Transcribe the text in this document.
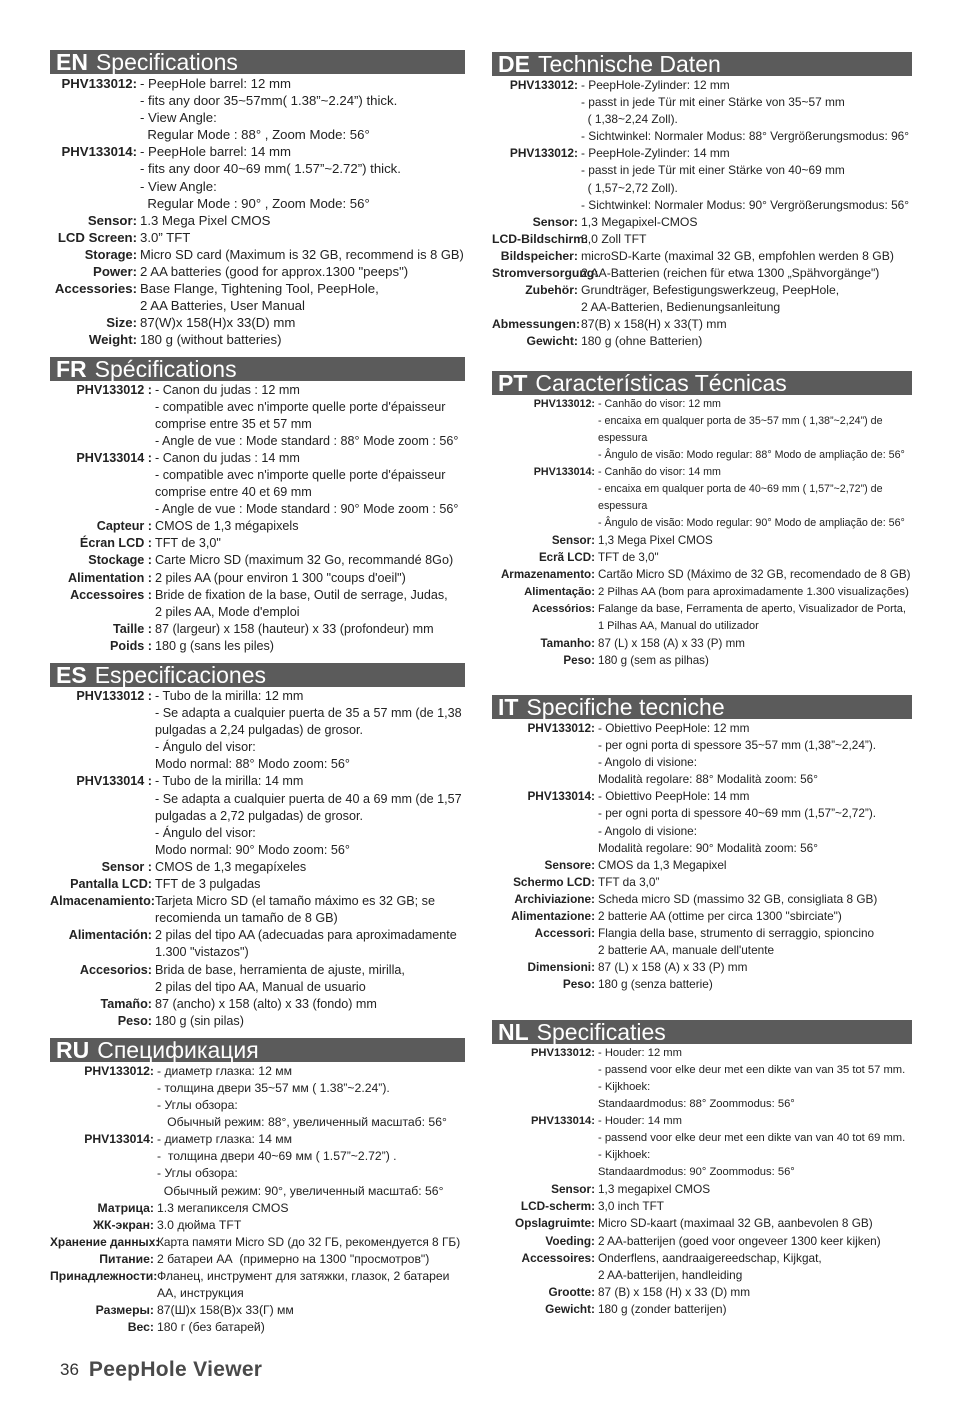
EN Specifications
PHV133012: - PeepHole barrel: 12 mm
- fits any door 35~57mm( 1.38”~2.24”) thick.
- View Angle:
Regular Mode : 88° , Zoom Mode: 56°
PHV133014: - PeepHole barrel: 14 mm
- fits any door 40~69 mm( 1.57”~2.72”) thick.
- View Angle:
Regular Mode : 90° , Zoom Mode: 56°
Sensor: 1.3 Mega Pixel CMOS
LCD Screen: 3.0” TFT
Storage: Micro SD card (Maximum is 32 GB, recommend is 8 GB)
Power: 2 AA batteries (good for approx.1300 "peeps")
Accessories: Base Flange, Tightening Tool, PeepHole,
2 AA Batteries, User Manual
Size: 87(W)x 158(H)x 33(D) mm
Weight: 180 g (without batteries)
FR Spécifications
PHV133012 : - Canon du judas : 12 mm
- compatible avec n'importe quelle porte d'épaisseur
comprise entre 35 et 57 mm
- Angle de vue : Mode standard : 88° Mode zoom : 56°
PHV133014 : - Canon du judas : 14 mm
- compatible avec n'importe quelle porte d'épaisseur
comprise entre 40 et 69 mm
- Angle de vue : Mode standard : 90° Mode zoom : 56°
Capteur : CMOS de 1,3 mégapixels
Écran LCD : TFT de 3,0"
Stockage : Carte Micro SD (maximum 32 Go, recommandé 8Go)
Alimentation : 2 piles AA (pour environ 1 300 "coups d'oeil")
Accessoires : Bride de fixation de la base, Outil de serrage, Judas,
2 piles AA, Mode d'emploi
Taille : 87 (largeur) x 158 (hauteur) x 33 (profondeur) mm
Poids : 180 g (sans les piles)
ES Especificaciones
PHV133012 : - Tubo de la mirilla: 12 mm
- Se adapta a cualquier puerta de 35 a 57 mm (de 1,38
pulgadas a 2,24 pulgadas) de grosor.
- Ángulo del visor:
Modo normal: 88° Modo zoom: 56°
PHV133014 : - Tubo de la mirilla: 14 mm
- Se adapta a cualquier puerta de 40 a 69 mm (de 1,57
pulgadas a 2,72 pulgadas) de grosor.
- Ángulo del visor:
Modo normal: 90° Modo zoom: 56°
Sensor : CMOS de 1,3 megapíxeles
Pantalla LCD: TFT de 3 pulgadas
Almacenamiento: Tarjeta Micro SD (el tamaño máximo es 32 GB; se
recomienda un tamaño de 8 GB)
Alimentación: 2 pilas del tipo AA (adecuadas para aproximadamente
1.300 "vistazos")
Accesorios: Brida de base, herramienta de ajuste, mirilla,
2 pilas del tipo AA, Manual de usuario
Tamaño: 87 (ancho) x 158 (alto) x 33 (fondo) mm
Peso: 180 g (sin pilas)
RU Спецификация
PHV133012: - диаметр глазка: 12 мм
- толщина двери 35~57 мм ( 1.38”~2.24”).
- Углы обзора:
Обычный режим: 88°, увеличенный масштаб: 56°
PHV133014: - диаметр глазка: 14 мм
-  толщина двери 40~69 мм ( 1.57”~2.72”) .
- Углы обзора:
Обычный режим: 90°, увеличенный масштаб: 56°
Матрица: 1.3 мегапикселя CMOS
ЖК-экран: 3.0 дюйма TFT
Хранение данных:
Карта памяти Micro SD (до 32 ГБ, рекомендуется 8 ГБ)
Питание: 2 батареи АА  (примерно на 1300 "просмотров")
Принадлежности: Фланец, инструмент для затяжки, глазок, 2 батареи
АА, инструкция
Размеры: 87(Ш)x 158(В)x 33(Г) мм
Вес: 180 г (без батарей)
DE Technische Daten
PHV133012: - PeepHole-Zylinder: 12 mm
- passt in jede Tür mit einer Stärke von 35~57 mm
( 1,38~2,24 Zoll).
- Sichtwinkel: Normaler Modus: 88° Vergrößerungsmodus: 96°
PHV133012: - PeepHole-Zylinder: 14 mm
- passt in jede Tür mit einer Stärke von 40~69 mm
( 1,57~2,72 Zoll).
- Sichtwinkel: Normaler Modus: 90° Vergrößerungsmodus: 56°
Sensor: 1,3 Megapixel-CMOS
LCD-Bildschirm:
3,0 Zoll TFT
Bildspeicher: microSD-Karte (maximal 32 GB, empfohlen werden 8 GB)
Stromversorgung:
2 AA-Batterien (reichen für etwa 1300 „Spähvorgänge")
Zubehör: Grundträger, Befestigungswerkzeug, PeepHole,
2 AA-Batterien, Bedienungsanleitung
Abmessungen: 87(B) x 158(H) x 33(T) mm
Gewicht: 180 g (ohne Batterien)
PT Características Técnicas
PHV133012: - Canhão do visor: 12 mm
- encaixa em qualquer porta de 35~57 mm ( 1,38”~2,24”) de
espessura
- Ângulo de visão: Modo regular: 88° Modo de ampliação de: 56°
PHV133014: - Canhão do visor: 14 mm
- encaixa em qualquer porta de 40~69 mm ( 1,57”~2,72”) de
espessura
- Ângulo de visão: Modo regular: 90° Modo de ampliação de: 56°
Sensor: 1,3 Mega Pixel CMOS
Ecrã LCD: TFT de 3,0"
Armazenamento: Cartão Micro SD (Máximo de 32 GB, recomendado de 8 GB)
Alimentação: 2 Pilhas AA (bom para aproximadamente 1.300 visualizações)
Acessórios: Falange da base, Ferramenta de aperto, Visualizador de Porta,
1 Pilhas AA, Manual do utilizador
Tamanho: 87 (L) x 158 (A) x 33 (P) mm
Peso: 180 g (sem as pilhas)
IT Specifiche tecniche
PHV133012: - Obiettivo PeepHole: 12 mm
- per ogni porta di spessore 35~57 mm (1,38”~2,24”).
- Angolo di visione:
Modalità regolare: 88° Modalità zoom: 56°
PHV133014: - Obiettivo PeepHole: 14 mm
- per ogni porta di spessore 40~69 mm (1,57”~2,72”).
- Angolo di visione:
Modalità regolare: 90° Modalità zoom: 56°
Sensore: CMOS da 1,3 Megapixel
Schermo LCD: TFT da 3,0”
Archiviazione: Scheda micro SD (massimo 32 GB, consigliata 8 GB)
Alimentazione: 2 batterie AA (ottime per circa 1300 "sbirciate")
Accessori: Flangia della base, strumento di serraggio, spioncino
2 batterie AA, manuale dell'utente
Dimensioni: 87 (L) x 158 (A) x 33 (P) mm
Peso: 180 g (senza batterie)
NL Specificaties
PHV133012: - Houder: 12 mm
- passend voor elke deur met een dikte van van 35 tot 57 mm.
- Kijkhoek:
Standaardmodus: 88° Zoommodus: 56°
PHV133014: - Houder: 14 mm
- passend voor elke deur met een dikte van van 40 tot 69 mm.
- Kijkhoek:
Standaardmodus: 90° Zoommodus: 56°
Sensor: 1,3 megapixel CMOS
LCD-scherm: 3,0 inch TFT
Opslagruimte: Micro SD-kaart (maximaal 32 GB, aanbevolen 8 GB)
Voeding: 2 AA-batterijen (goed voor ongeveer 1300 keer kijken)
Accessoires: Onderflens, aandraaigereedschap, Kijkgat,
2 AA-batterijen, handleiding
Grootte: 87 (B) x 158 (H) x 33 (D) mm
Gewicht: 180 g (zonder batterijen)
36 PeepHole Viewer
